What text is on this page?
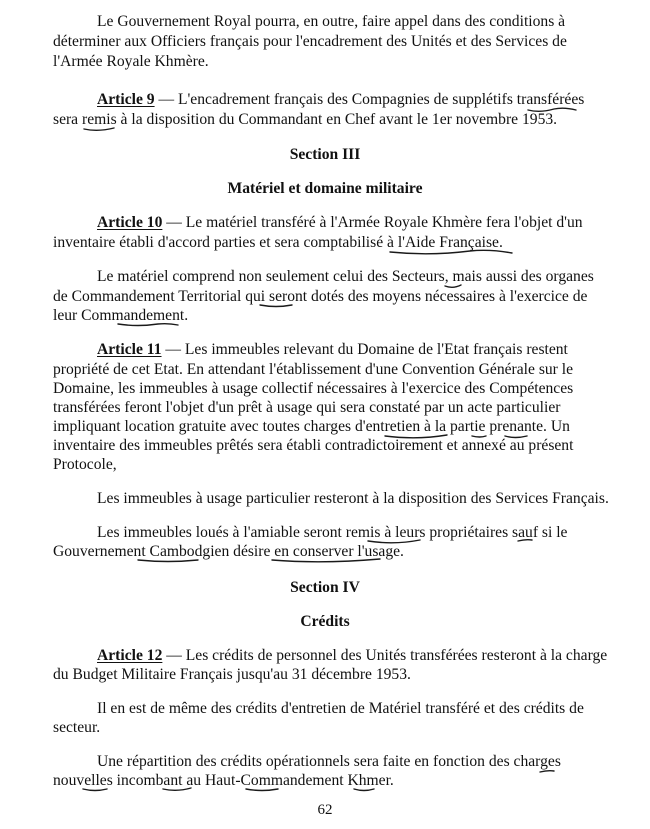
Le Gouvernement Royal pourra, en outre, faire appel dans des conditions à
déterminer aux Officiers français pour l'encadrement des Unités et des Services de
l'Armée Royale Khmère.
Article 9 — L'encadrement français des Compagnies de supplétifs transférées
sera remis à la disposition du Commandant en Chef avant le 1er novembre 1953.
Section III
Matériel et domaine militaire
Article 10 — Le matériel transféré à l'Armée Royale Khmère fera l'objet d'un
inventaire établi d'accord parties et sera comptabilisé à l'Aide Française.
Le matériel comprend non seulement celui des Secteurs, mais aussi des organes
de Commandement Territorial qui seront dotés des moyens nécessaires à l'exercice de
leur Commandement.
Article 11 — Les immeubles relevant du Domaine de l'Etat français restent
propriété de cet Etat. En attendant l'établissement d'une Convention Générale sur le
Domaine, les immeubles à usage collectif nécessaires à l'exercice des Compétences
transférées feront l'objet d'un prêt à usage qui sera constaté par un acte particulier
impliquant location gratuite avec toutes charges d'entretien à la partie prenante. Un
inventaire des immeubles prêtés sera établi contradictoirement et annexé au présent
Protocole,
Les immeubles à usage particulier resteront à la disposition des Services Français.
Les immeubles loués à l'amiable seront remis à leurs propriétaires sauf si le
Gouvernement Cambodgien désire en conserver l'usage.
Section IV
Crédits
Article 12 — Les crédits de personnel des Unités transférées resteront à la charge
du Budget Militaire Français jusqu'au 31 décembre 1953.
Il en est de même des crédits d'entretien de Matériel transféré et des crédits de
secteur.
Une répartition des crédits opérationnels sera faite en fonction des charges
nouvelles incombant au Haut-Commandement Khmer.
62
